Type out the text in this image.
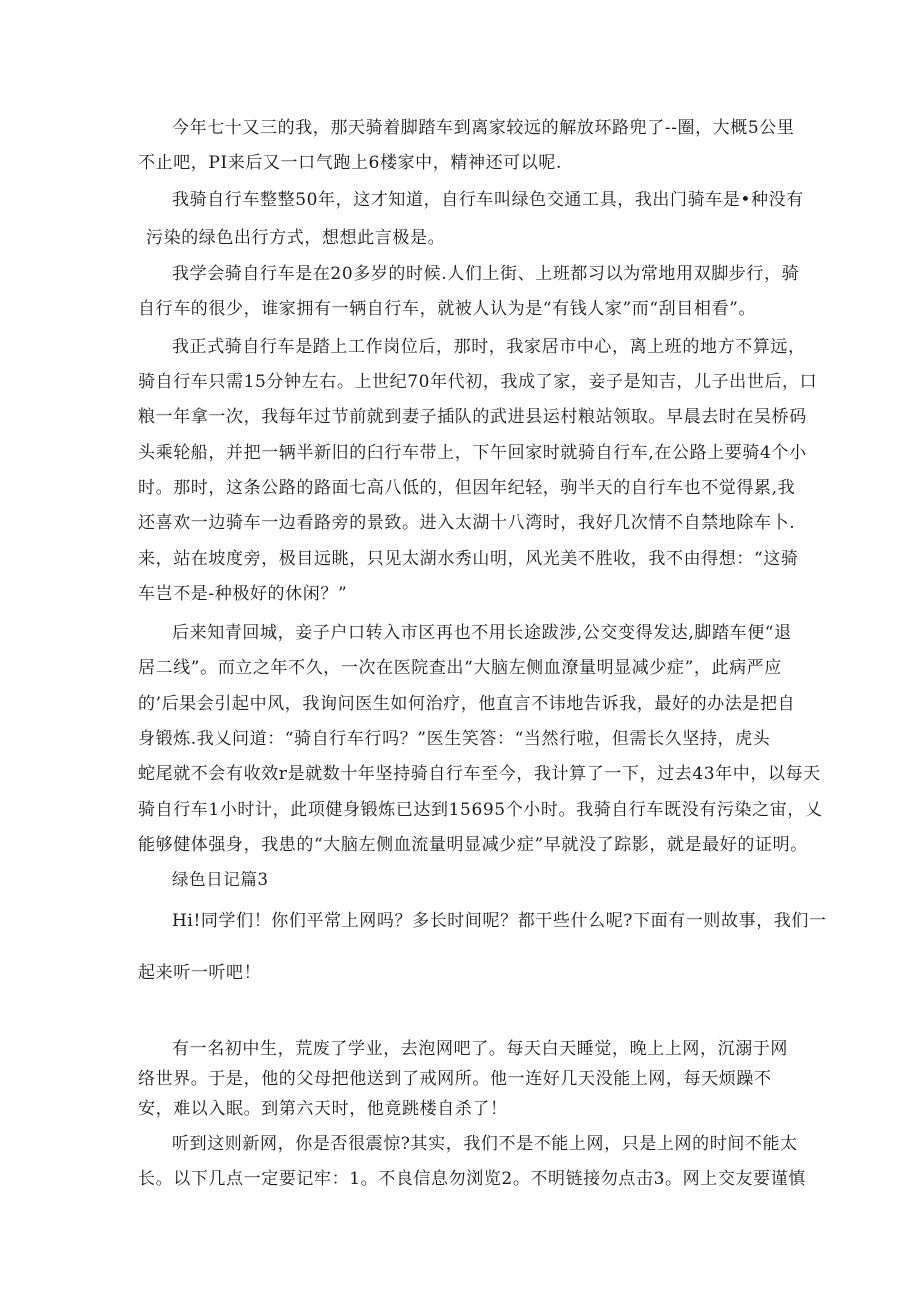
今年七十又三的我，那天骑着脚踏车到离家较远的解放环路兜了--圈，大概5公里
不止吧，PI来后又一口气跑上6楼家中，精神还可以呢.
我骑自行车整整50年，这才知道，自行车叫绿色交通工具，我出门骑车是•种没有
污染的绿色出行方式，想想此言极是。
我学会骑自行车是在20多岁的时候.人们上街、上班都习以为常地用双脚步行，骑
自行车的很少，谁家拥有一辆自行车，就被人认为是“有钱人家”而“刮目相看”。
我正式骑自行车是踏上工作岗位后，那时，我家居市中心，离上班的地方不算远，
骑自行车只需15分钟左右。上世纪70年代初，我成了家，妾子是知吉，儿子出世后，口
粮一年拿一次，我每年过节前就到妻子插队的武进县运村粮站领取。早晨去时在吴桥码
头乘轮船，并把一辆半新旧的臼行车带上，下午回家时就骑自行车,在公路上要骑4个小
时。那时，这条公路的路面七高八低的，但因年纪轻，驹半天的自行车也不觉得累,我
还喜欢一边骑车一边看路旁的景致。进入太湖十八湾时，我好几次情不自禁地除车卜.
来，站在坡度旁，极目远眺，只见太湖水秀山明，风光美不胜收，我不由得想：“这骑
车岂不是-种极好的休闲？”
后来知青回城，妾子户口转入市区再也不用长途跋涉,公交变得发达,脚踏车便“退
居二线”。而立之年不久，一次在医院查出“大脑左侧血潦量明显减少症”，此病严应
的’后果会引起中风，我询问医生如何治疗，他直言不讳地告诉我，最好的办法是把自
身锻炼.我乂问道：“骑自行车行吗？”医生笑答：“当然行啦，但需长久坚持，虎头
蛇尾就不会有收效r是就数十年坚持骑自行车至今，我计算了一下，过去43年中，以每天
骑自行车1小时计，此项健身锻炼已达到15695个小时。我骑自行车既没有污染之宙，乂
能够健体强身，我患的“大脑左侧血流量明显减少症”早就没了踪影，就是最好的证明。
绿色日记篇3
Hi!同学们！你们平常上网吗？多长时间呢？都干些什么呢?下面有一则故事，我们一
起来听一听吧！
有一名初中生，荒废了学业，去泡网吧了。每天白天睡觉，晚上上网，沉溺于网
络世界。于是，他的父母把他送到了戒网所。他一连好几天没能上网，每天烦躁不
安，难以入眠。到第六天时，他竟跳楼自杀了！
听到这则新网，你是否很震惊?其实，我们不是不能上网，只是上网的时间不能太
长。以下几点一定要记牢：1。不良信息勿浏览2。不明链接勿点击3。网上交友要谨慎
